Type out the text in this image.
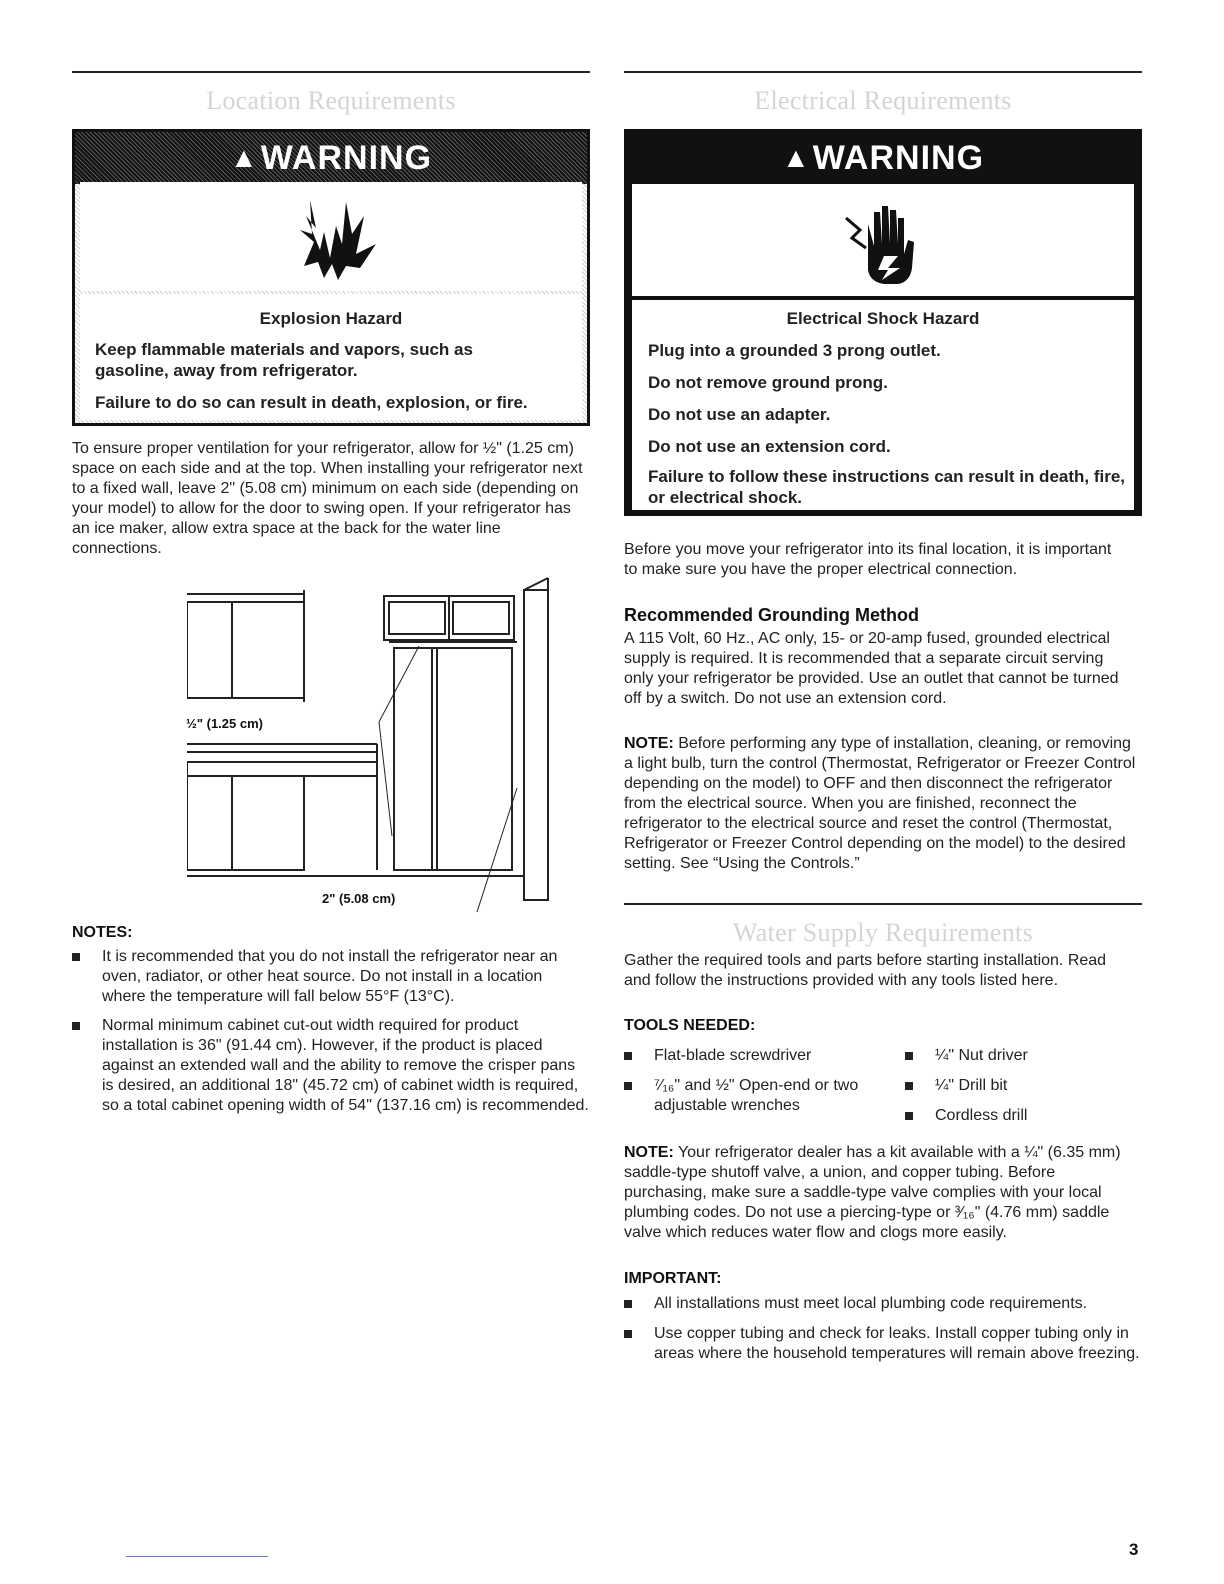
Location Requirements
▲ WARNING
Explosion Hazard
Keep flammable materials and vapors, such as gasoline, away from refrigerator.
Failure to do so can result in death, explosion, or fire.
To ensure proper ventilation for your refrigerator, allow for ½" (1.25 cm) space on each side and at the top. When installing your refrigerator next to a fixed wall, leave 2" (5.08 cm) minimum on each side (depending on your model) to allow for the door to swing open. If your refrigerator has an ice maker, allow extra space at the back for the water line connections.
½" (1.25 cm)
2" (5.08 cm)
NOTES:
It is recommended that you do not install the refrigerator near an oven, radiator, or other heat source. Do not install in a location where the temperature will fall below 55°F (13°C).
Normal minimum cabinet cut-out width required for product installation is 36" (91.44 cm). However, if the product is placed against an extended wall and the ability to remove the crisper pans is desired, an additional 18" (45.72 cm) of cabinet width is required, so a total cabinet opening width of 54" (137.16 cm) is recommended.
Electrical Requirements
▲ WARNING
Electrical Shock Hazard
Plug into a grounded 3 prong outlet.
Do not remove ground prong.
Do not use an adapter.
Do not use an extension cord.
Failure to follow these instructions can result in death, fire, or electrical shock.
Before you move your refrigerator into its final location, it is important to make sure you have the proper electrical connection.
Recommended Grounding Method
A 115 Volt, 60 Hz., AC only, 15- or 20-amp fused, grounded electrical supply is required. It is recommended that a separate circuit serving only your refrigerator be provided. Use an outlet that cannot be turned off by a switch. Do not use an extension cord.
NOTE: Before performing any type of installation, cleaning, or removing a light bulb, turn the control (Thermostat, Refrigerator or Freezer Control depending on the model) to OFF and then disconnect the refrigerator from the electrical source. When you are finished, reconnect the refrigerator to the electrical source and reset the control (Thermostat, Refrigerator or Freezer Control depending on the model) to the desired setting. See “Using the Controls.”
Water Supply Requirements
Gather the required tools and parts before starting installation. Read and follow the instructions provided with any tools listed here.
TOOLS NEEDED:
Flat-blade screwdriver
⁷⁄₁₆" and ½" Open-end or two adjustable wrenches
¼" Nut driver
¼" Drill bit
Cordless drill
NOTE: Your refrigerator dealer has a kit available with a ¼" (6.35 mm) saddle-type shutoff valve, a union, and copper tubing. Before purchasing, make sure a saddle-type valve complies with your local plumbing codes. Do not use a piercing-type or ³⁄₁₆" (4.76 mm) saddle valve which reduces water flow and clogs more easily.
IMPORTANT:
All installations must meet local plumbing code requirements.
Use copper tubing and check for leaks. Install copper tubing only in areas where the household temperatures will remain above freezing.
3
